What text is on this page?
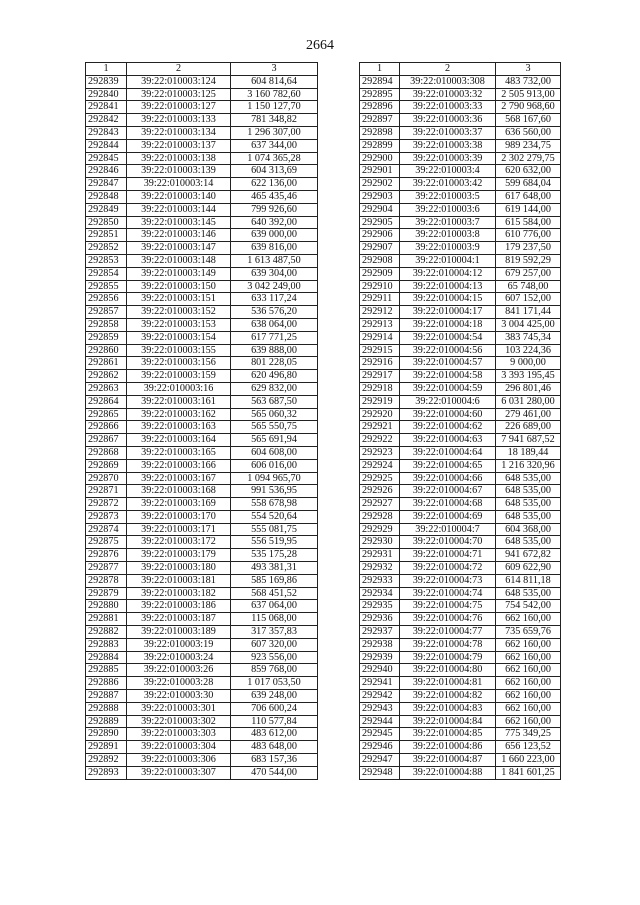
2664
1	2	3
292839	39:22:010003:124	604 814,64
292840	39:22:010003:125	3 160 782,60
292841	39:22:010003:127	1 150 127,70
292842	39:22:010003:133	781 348,82
292843	39:22:010003:134	1 296 307,00
292844	39:22:010003:137	637 344,00
292845	39:22:010003:138	1 074 365,28
292846	39:22:010003:139	604 313,69
292847	39:22:010003:14	622 136,00
292848	39:22:010003:140	465 435,46
292849	39:22:010003:144	799 926,60
292850	39:22:010003:145	640 392,00
292851	39:22:010003:146	639 000,00
292852	39:22:010003:147	639 816,00
292853	39:22:010003:148	1 613 487,50
292854	39:22:010003:149	639 304,00
292855	39:22:010003:150	3 042 249,00
292856	39:22:010003:151	633 117,24
292857	39:22:010003:152	536 576,20
292858	39:22:010003:153	638 064,00
292859	39:22:010003:154	617 771,25
292860	39:22:010003:155	639 888,00
292861	39:22:010003:156	801 228,05
292862	39:22:010003:159	620 496,80
292863	39:22:010003:16	629 832,00
292864	39:22:010003:161	563 687,50
292865	39:22:010003:162	565 060,32
292866	39:22:010003:163	565 550,75
292867	39:22:010003:164	565 691,94
292868	39:22:010003:165	604 608,00
292869	39:22:010003:166	606 016,00
292870	39:22:010003:167	1 094 965,70
292871	39:22:010003:168	991 536,95
292872	39:22:010003:169	558 678,98
292873	39:22:010003:170	554 520,64
292874	39:22:010003:171	555 081,75
292875	39:22:010003:172	556 519,95
292876	39:22:010003:179	535 175,28
292877	39:22:010003:180	493 381,31
292878	39:22:010003:181	585 169,86
292879	39:22:010003:182	568 451,52
292880	39:22:010003:186	637 064,00
292881	39:22:010003:187	115 068,00
292882	39:22:010003:189	317 357,83
292883	39:22:010003:19	607 320,00
292884	39:22:010003:24	923 556,00
292885	39:22:010003:26	859 768,00
292886	39:22:010003:28	1 017 053,50
292887	39:22:010003:30	639 248,00
292888	39:22:010003:301	706 600,24
292889	39:22:010003:302	110 577,84
292890	39:22:010003:303	483 612,00
292891	39:22:010003:304	483 648,00
292892	39:22:010003:306	683 157,36
292893	39:22:010003:307	470 544,00
1	2	3
292894	39:22:010003:308	483 732,00
292895	39:22:010003:32	2 505 913,00
292896	39:22:010003:33	2 790 968,60
292897	39:22:010003:36	568 167,60
292898	39:22:010003:37	636 560,00
292899	39:22:010003:38	989 234,75
292900	39:22:010003:39	2 302 279,75
292901	39:22:010003:4	620 632,00
292902	39:22:010003:42	599 684,04
292903	39:22:010003:5	617 648,00
292904	39:22:010003:6	619 144,00
292905	39:22:010003:7	615 584,00
292906	39:22:010003:8	610 776,00
292907	39:22:010003:9	179 237,50
292908	39:22:010004:1	819 592,29
292909	39:22:010004:12	679 257,00
292910	39:22:010004:13	65 748,00
292911	39:22:010004:15	607 152,00
292912	39:22:010004:17	841 171,44
292913	39:22:010004:18	3 004 425,00
292914	39:22:010004:54	383 745,34
292915	39:22:010004:56	103 224,36
292916	39:22:010004:57	9 000,00
292917	39:22:010004:58	3 393 195,45
292918	39:22:010004:59	296 801,46
292919	39:22:010004:6	6 031 280,00
292920	39:22:010004:60	279 461,00
292921	39:22:010004:62	226 689,00
292922	39:22:010004:63	7 941 687,52
292923	39:22:010004:64	18 189,44
292924	39:22:010004:65	1 216 320,96
292925	39:22:010004:66	648 535,00
292926	39:22:010004:67	648 535,00
292927	39:22:010004:68	648 535,00
292928	39:22:010004:69	648 535,00
292929	39:22:010004:7	604 368,00
292930	39:22:010004:70	648 535,00
292931	39:22:010004:71	941 672,82
292932	39:22:010004:72	609 622,90
292933	39:22:010004:73	614 811,18
292934	39:22:010004:74	648 535,00
292935	39:22:010004:75	754 542,00
292936	39:22:010004:76	662 160,00
292937	39:22:010004:77	735 659,76
292938	39:22:010004:78	662 160,00
292939	39:22:010004:79	662 160,00
292940	39:22:010004:80	662 160,00
292941	39:22:010004:81	662 160,00
292942	39:22:010004:82	662 160,00
292943	39:22:010004:83	662 160,00
292944	39:22:010004:84	662 160,00
292945	39:22:010004:85	775 349,25
292946	39:22:010004:86	656 123,52
292947	39:22:010004:87	1 660 223,00
292948	39:22:010004:88	1 841 601,25
